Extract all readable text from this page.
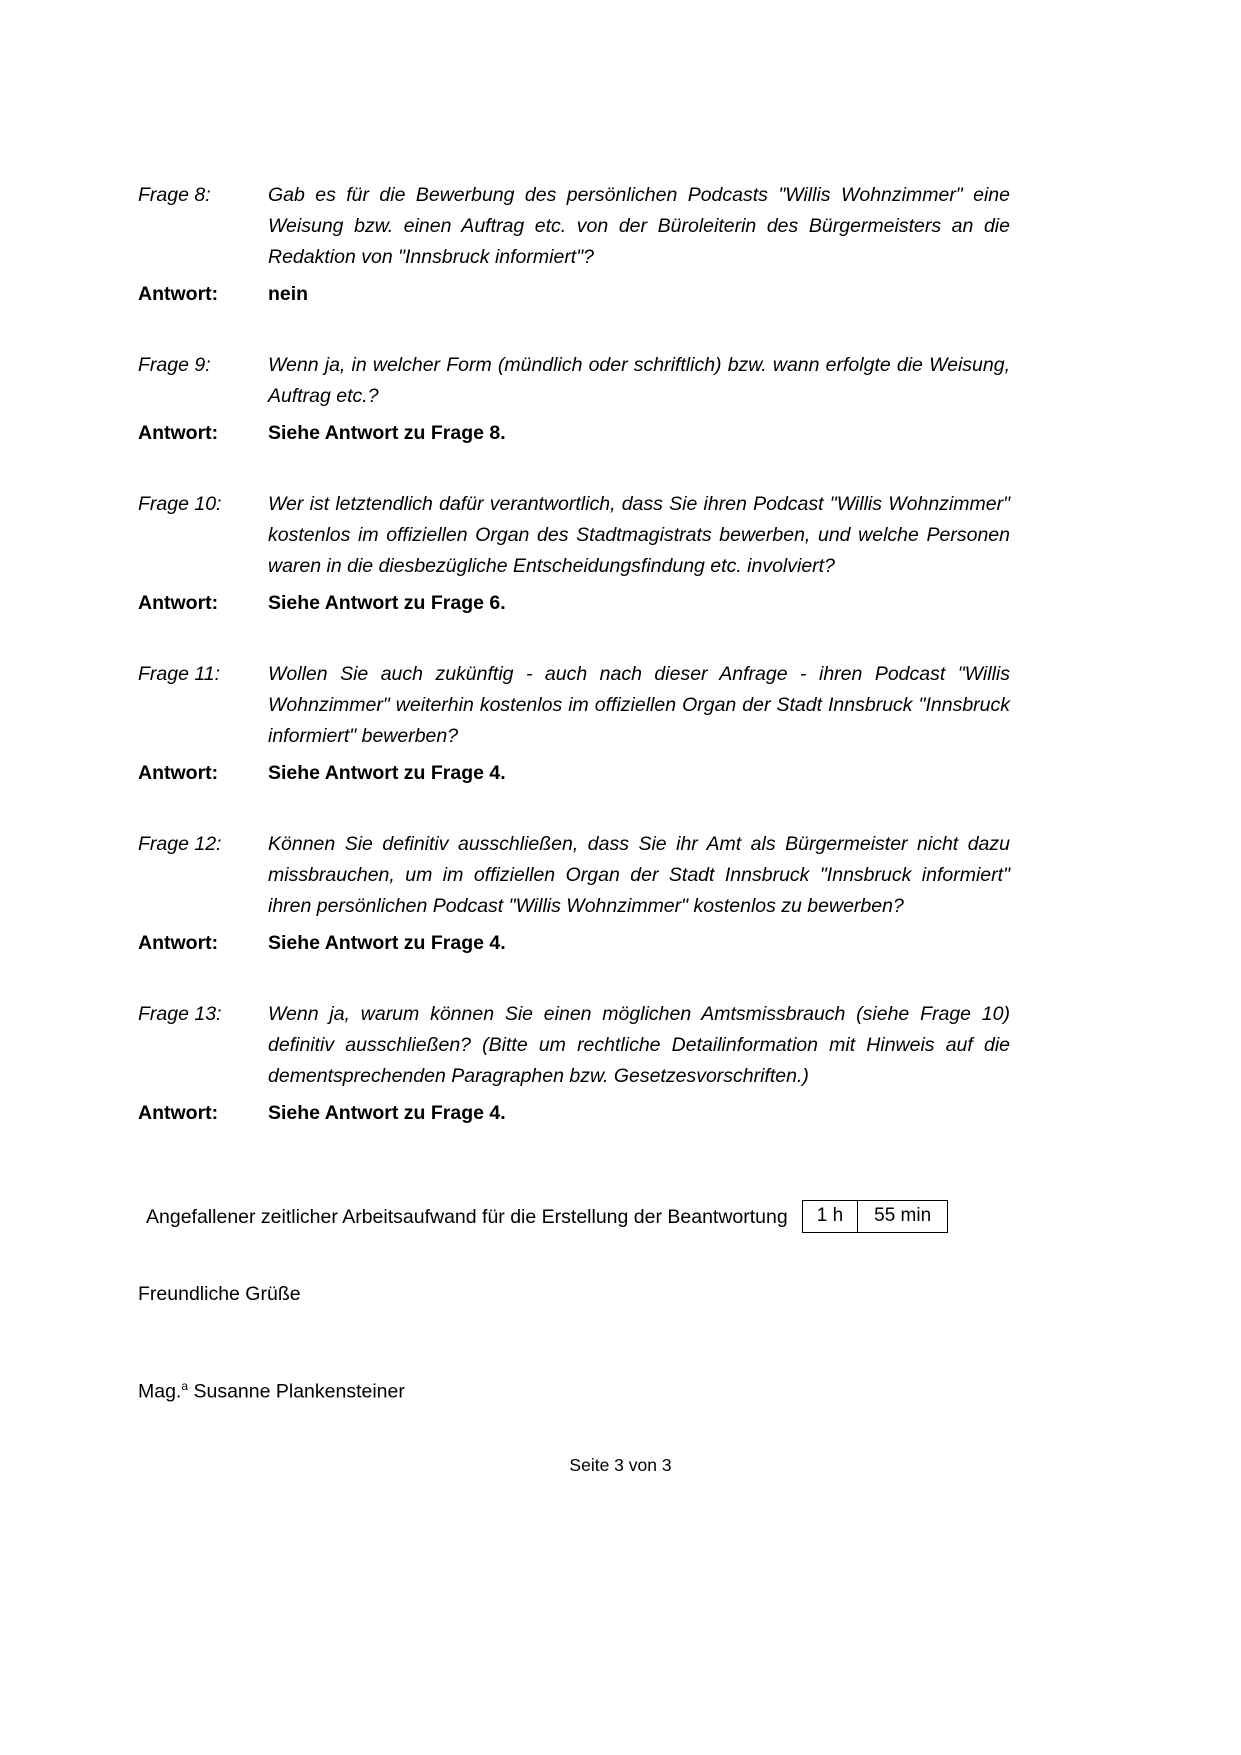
Frage 8:	Gab es für die Bewerbung des persönlichen Podcasts "Willis Wohnzimmer" eine Weisung bzw. einen Auftrag etc. von der Büroleiterin des Bürgermeisters an die Redaktion von "Innsbruck informiert"?
Antwort:	nein
Frage 9:	Wenn ja, in welcher Form (mündlich oder schriftlich) bzw. wann erfolgte die Weisung, Auftrag etc.?
Antwort:	Siehe Antwort zu Frage 8.
Frage 10:	Wer ist letztendlich dafür verantwortlich, dass Sie ihren Podcast "Willis Wohnzimmer" kostenlos im offiziellen Organ des Stadtmagistrats bewerben, und welche Personen waren in die diesbezügliche Entscheidungsfindung etc. involviert?
Antwort:	Siehe Antwort zu Frage 6.
Frage 11:	Wollen Sie auch zukünftig - auch nach dieser Anfrage - ihren Podcast "Willis Wohnzimmer" weiterhin kostenlos im offiziellen Organ der Stadt Innsbruck "Innsbruck informiert" bewerben?
Antwort:	Siehe Antwort zu Frage 4.
Frage 12:	Können Sie definitiv ausschließen, dass Sie ihr Amt als Bürgermeister nicht dazu missbrauchen, um im offiziellen Organ der Stadt Innsbruck "Innsbruck informiert" ihren persönlichen Podcast "Willis Wohnzimmer" kostenlos zu bewerben?
Antwort:	Siehe Antwort zu Frage 4.
Frage 13:	Wenn ja, warum können Sie einen möglichen Amtsmissbrauch (siehe Frage 10) definitiv ausschließen? (Bitte um rechtliche Detailinformation mit Hinweis auf die dementsprechenden Paragraphen bzw. Gesetzesvorschriften.)
Antwort:	Siehe Antwort zu Frage 4.
Angefallener zeitlicher Arbeitsaufwand für die Erstellung der Beantwortung	1 h	55 min
Freundliche Grüße
Mag.$^a$ Susanne Plankensteiner
Seite 3 von 3
